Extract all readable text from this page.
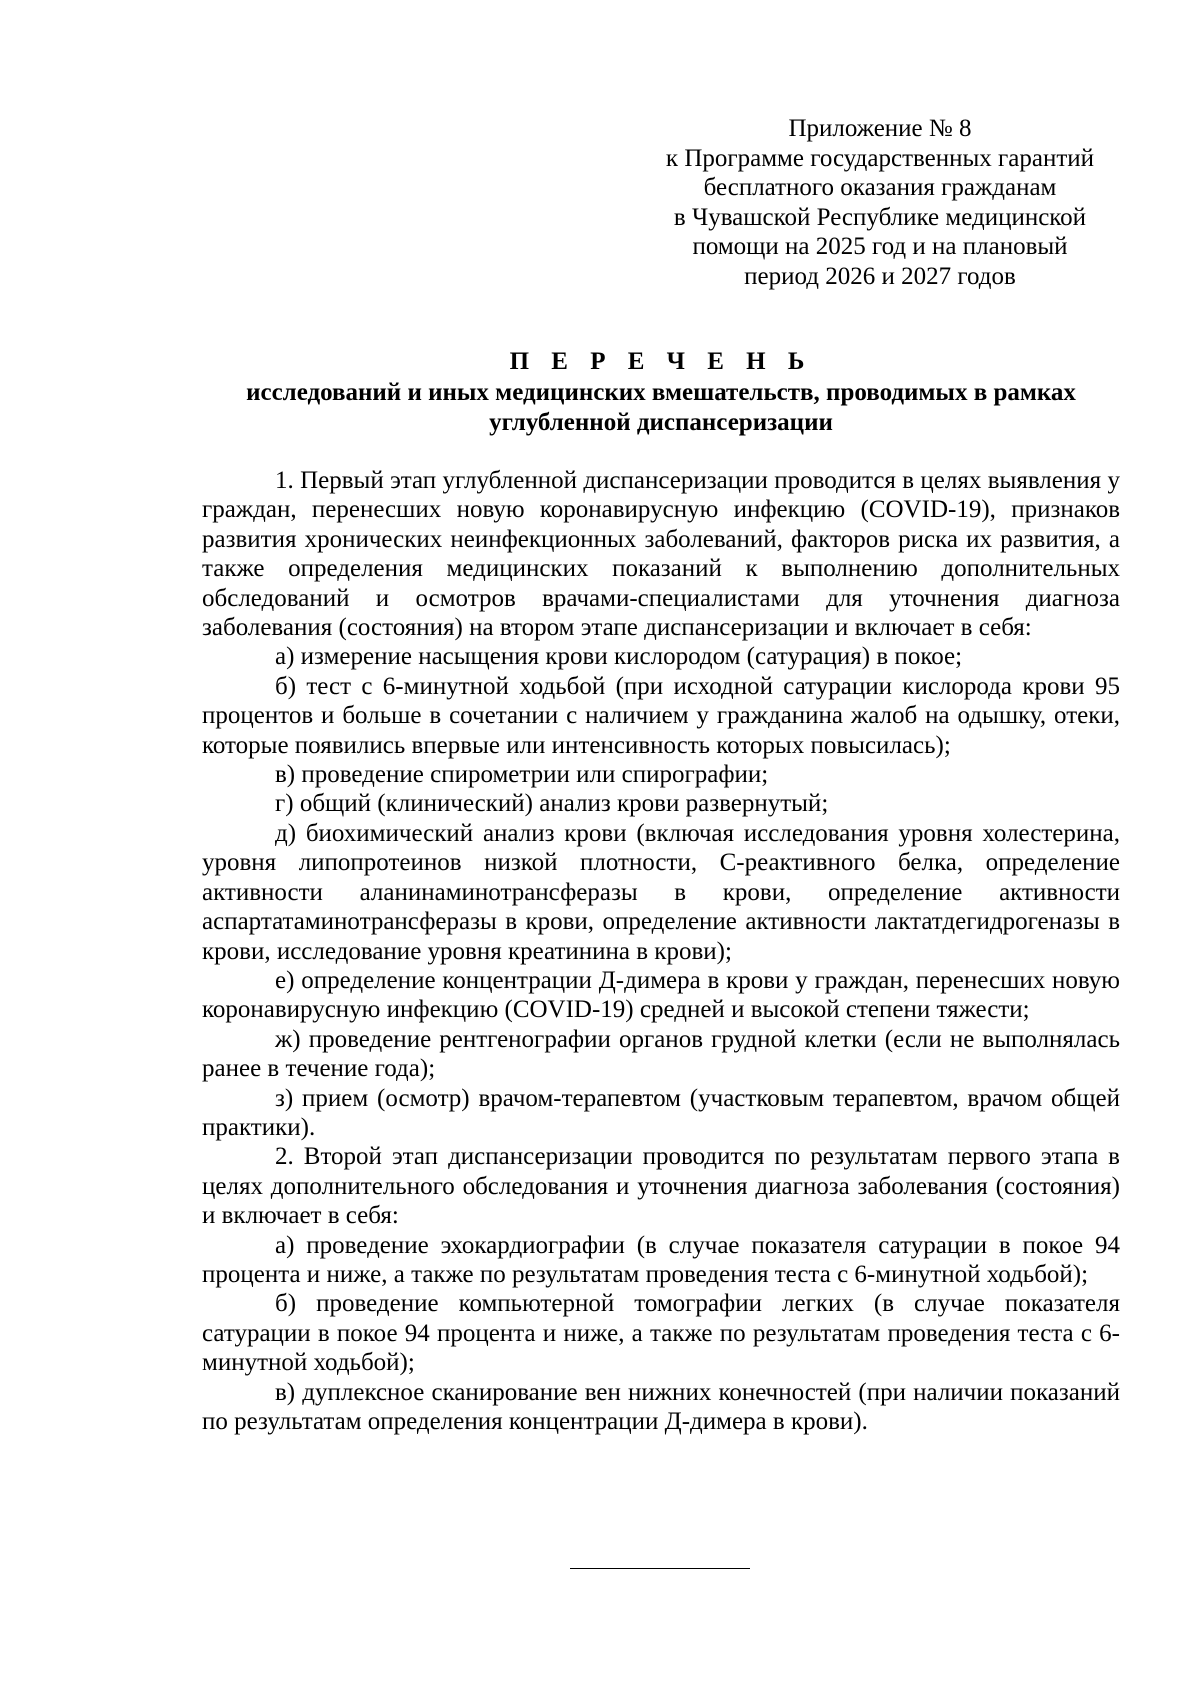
Приложение № 8
к Программе государственных гарантий
бесплатного оказания гражданам
в Чувашской Республике медицинской
помощи на 2025 год и на плановый
период 2026 и 2027 годов
П Е Р Е Ч Е Н Ь
исследований и иных медицинских вмешательств, проводимых в рамках
углубленной диспансеризации

1. Первый этап углубленной диспансеризации проводится в целях выявления у граждан, перенесших новую коронавирусную инфекцию (COVID-19), признаков развития хронических неинфекционных заболеваний, факторов риска их развития, а также определения медицинских показаний к выполнению дополнительных обследований и осмотров врачами-специалистами для уточнения диагноза заболевания (состояния) на втором этапе диспансеризации и включает в себя:

а) измерение насыщения крови кислородом (сатурация) в покое;

б) тест с 6-минутной ходьбой (при исходной сатурации кислорода крови 95 процентов и больше в сочетании с наличием у гражданина жалоб на одышку, отеки, которые появились впервые или интенсивность которых повысилась);

в) проведение спирометрии или спирографии;

г) общий (клинический) анализ крови развернутый;

д) биохимический анализ крови (включая исследования уровня холестерина, уровня липопротеинов низкой плотности, С-реактивного белка, определение активности аланинаминотрансферазы в крови, определение активности аспартатаминотрансферазы в крови, определение активности лактатдегидрогеназы в крови, исследование уровня креатинина в крови);

е) определение концентрации Д-димера в крови у граждан, перенесших новую коронавирусную инфекцию (COVID-19) средней и высокой степени тяжести;

ж) проведение рентгенографии органов грудной клетки (если не выполнялась ранее в течение года);

з) прием (осмотр) врачом-терапевтом (участковым терапевтом, врачом общей практики).

2. Второй этап диспансеризации проводится по результатам первого этапа в целях дополнительного обследования и уточнения диагноза заболевания (состояния) и включает в себя:

а) проведение эхокардиографии (в случае показателя сатурации в покое 94 процента и ниже, а также по результатам проведения теста с 6-минутной ходьбой);

б) проведение компьютерной томографии легких (в случае показателя сатурации в покое 94 процента и ниже, а также по результатам проведения теста с 6-минутной ходьбой);

в) дуплексное сканирование вен нижних конечностей (при наличии показаний по результатам определения концентрации Д-димера в крови).
